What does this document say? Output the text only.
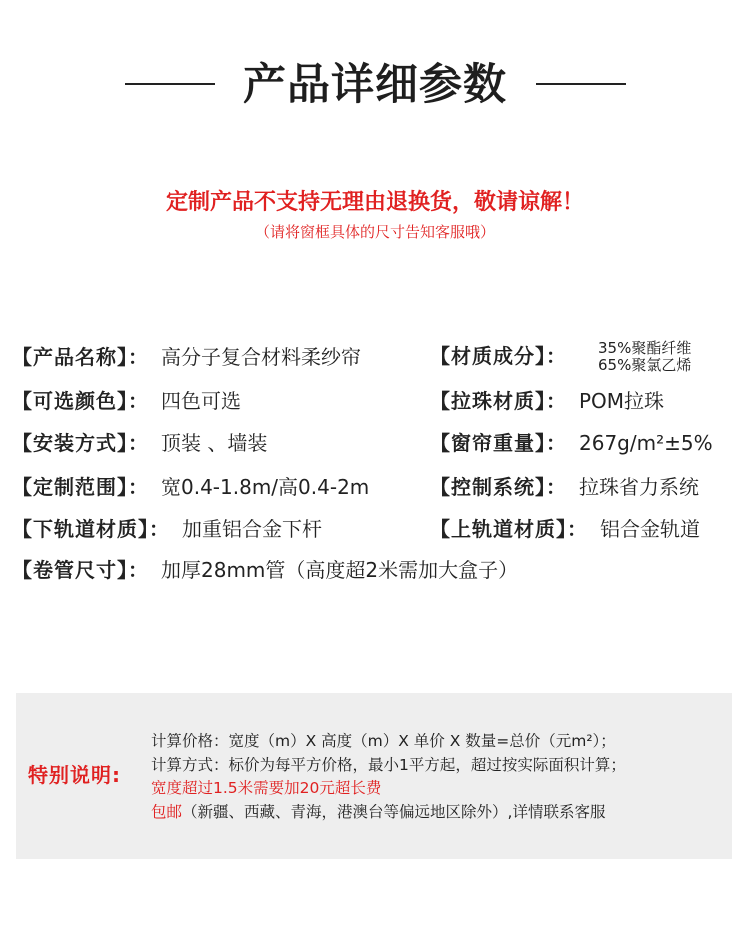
产品详细参数
定制产品不支持无理由退换货，敬请谅解！
（请将窗框具体的尺寸告知客服哦）
【产品名称】： 高分子复合材料柔纱帘	【材质成分】： 35%聚酯纤维
65%聚氯乙烯
【可选颜色】： 四色可选	【拉珠材质】： POM拉珠
【安装方式】： 顶装 、墙装	【窗帘重量】： 267g/m²±5%
【定制范围】： 宽0.4-1.8m/高0.4-2m	【控制系统】： 拉珠省力系统
【下轨道材质】： 加重铝合金下杆	【上轨道材质】： 铝合金轨道
【卷管尺寸】： 加厚28mm管（高度超2米需加大盒子）
特别说明:
计算价格：宽度（m）X 高度（m）X 单价 X 数量=总价（元m²）；
计算方式：标价为每平方价格，最小1平方起，超过按实际面积计算；
宽度超过1.5米需要加20元超长费
包邮（新疆、西藏、青海，港澳台等偏远地区除外）,详情联系客服
